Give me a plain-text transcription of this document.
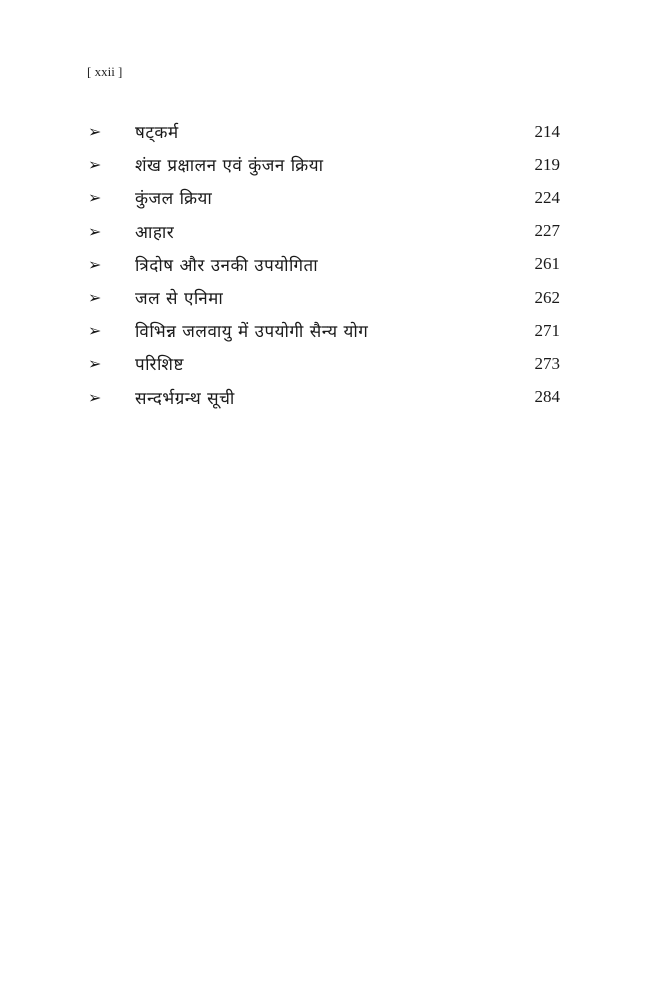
[ xxii ]
➢	षट्कर्म	214
➢	शंख प्रक्षालन एवं कुंजन क्रिया	219
➢	कुंजल क्रिया	224
➢	आहार	227
➢	त्रिदोष और उनकी उपयोगिता	261
➢	जल से एनिमा	262
➢	विभिन्न जलवायु में उपयोगी सैन्य योग	271
➢	परिशिष्ट	273
➢	सन्दर्भग्रन्थ सूची	284
